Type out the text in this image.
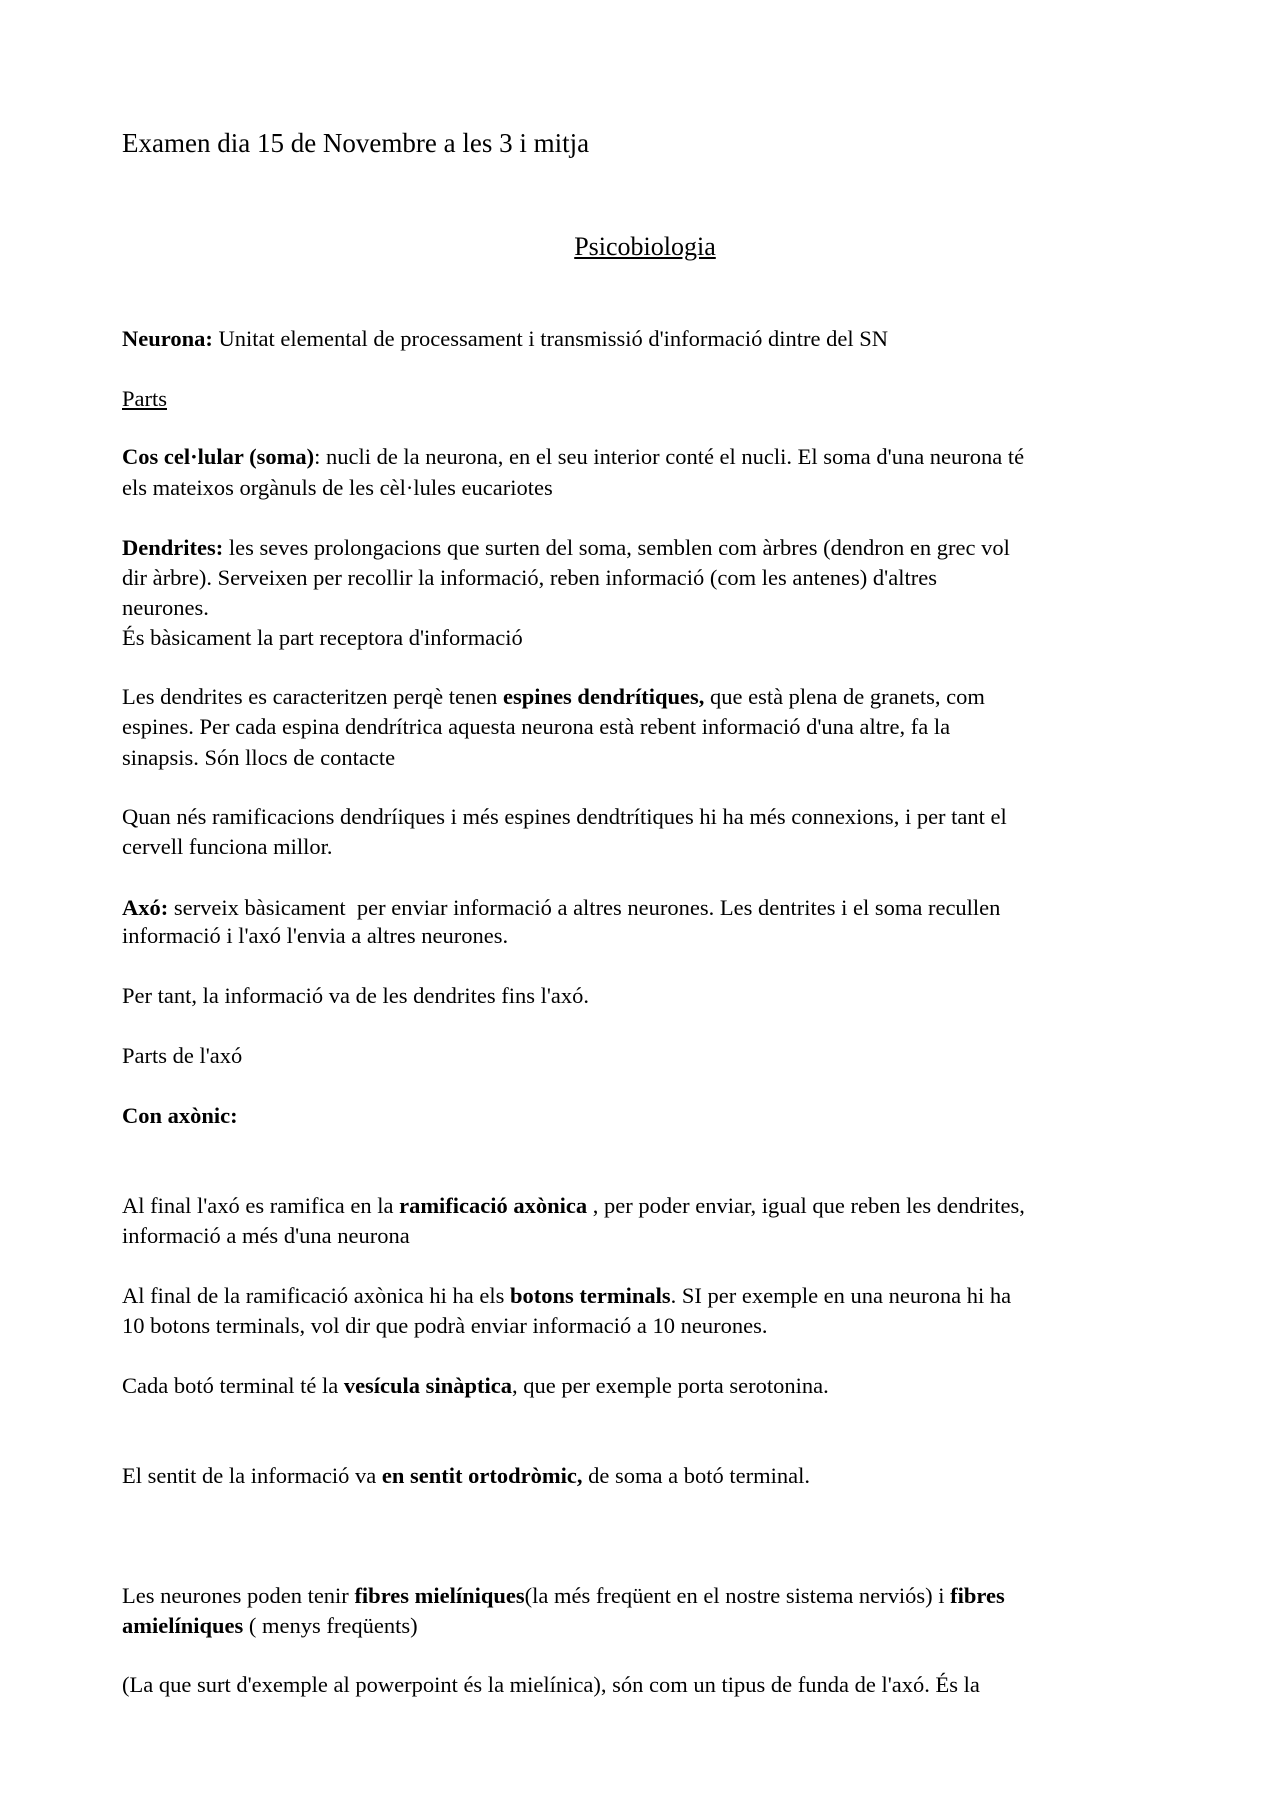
Examen dia 15 de Novembre a les 3 i mitja
Psicobiologia
Neurona: Unitat elemental de processament i transmissió d'informació dintre del SN
Parts
Cos cel·lular (soma): nucli de la neurona, en el seu interior conté el nucli. El soma d'una neurona té
els mateixos orgànuls de les cèl·lules eucariotes
Dendrites: les seves prolongacions que surten del soma, semblen com àrbres (dendron en grec vol
dir àrbre). Serveixen per recollir la informació, reben informació (com les antenes) d'altres
neurones.
És bàsicament la part receptora d'informació
Les dendrites es caracteritzen perqè tenen espines dendrítiques, que està plena de granets, com
espines. Per cada espina dendrítrica aquesta neurona està rebent informació d'una altre, fa la
sinapsis. Són llocs de contacte
Quan nés ramificacions dendríiques i més espines dendtrítiques hi ha més connexions, i per tant el
cervell funciona millor.
Axó: serveix bàsicament  per enviar informació a altres neurones. Les dentrites i el soma recullen
informació i l'axó l'envia a altres neurones.
Per tant, la informació va de les dendrites fins l'axó.
Parts de l'axó
Con axònic:
Al final l'axó es ramifica en la ramificació axònica , per poder enviar, igual que reben les dendrites,
informació a més d'una neurona
Al final de la ramificació axònica hi ha els botons terminals. SI per exemple en una neurona hi ha
10 botons terminals, vol dir que podrà enviar informació a 10 neurones.
Cada botó terminal té la vesícula sinàptica, que per exemple porta serotonina.
El sentit de la informació va en sentit ortodròmic, de soma a botó terminal.
Les neurones poden tenir fibres mielíniques(la més freqüent en el nostre sistema nerviós) i fibres
amielíniques ( menys freqüents)
(La que surt d'exemple al powerpoint és la mielínica), són com un tipus de funda de l'axó. És la
